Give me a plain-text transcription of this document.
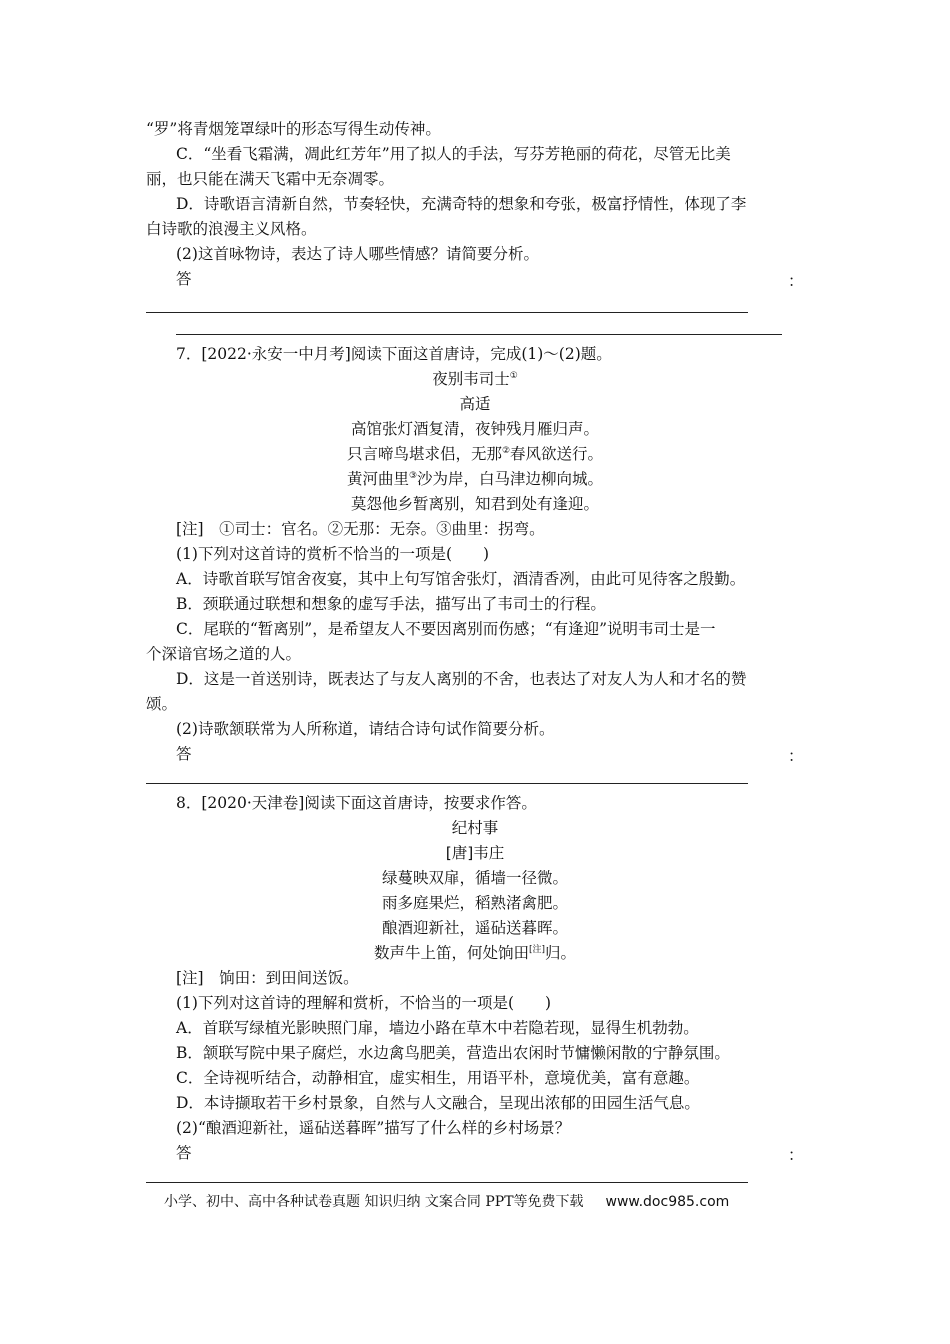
“罗”将青烟笼罩绿叶的形态写得生动传神。
C．“坐看飞霜满，凋此红芳年”用了拟人的手法，写芬芳艳丽的荷花，尽管无比美
丽，也只能在满天飞霜中无奈凋零。
D．诗歌语言清新自然，节奏轻快，充满奇特的想象和夸张，极富抒情性，体现了李
白诗歌的浪漫主义风格。
(2)这首咏物诗，表达了诗人哪些情感？请简要分析。
答	：
7．[2022·永安一中月考]阅读下面这首唐诗，完成(1)～(2)题。
夜别韦司士①
高适
高馆张灯酒复清，夜钟残月雁归声。
只言啼鸟堪求侣，无那②春风欲送行。
黄河曲里③沙为岸，白马津边柳向城。
莫怨他乡暂离别，知君到处有逢迎。
[注]　①司士：官名。②无那：无奈。③曲里：拐弯。
(1)下列对这首诗的赏析不恰当的一项是(　　)
A．诗歌首联写馆舍夜宴，其中上句写馆舍张灯，酒清香冽，由此可见待客之殷勤。
B．颈联通过联想和想象的虚写手法，描写出了韦司士的行程。
C．尾联的“暂离别”，是希望友人不要因离别而伤感；“有逢迎”说明韦司士是一
个深谙官场之道的人。
D．这是一首送别诗，既表达了与友人离别的不舍，也表达了对友人为人和才名的赞
颂。
(2)诗歌颔联常为人所称道，请结合诗句试作简要分析。
答	：
8．[2020·天津卷]阅读下面这首唐诗，按要求作答。
纪村事
[唐]韦庄
绿蔓映双扉，循墙一径微。
雨多庭果烂，稻熟渚禽肥。
酿酒迎新社，遥砧送暮晖。
数声牛上笛，何处饷田[注]归。
[注]　饷田：到田间送饭。
(1)下列对这首诗的理解和赏析，不恰当的一项是(　　)
A．首联写绿植光影映照门扉，墙边小路在草木中若隐若现，显得生机勃勃。
B．颔联写院中果子腐烂，水边禽鸟肥美，营造出农闲时节慵懒闲散的宁静氛围。
C．全诗视听结合，动静相宜，虚实相生，用语平朴，意境优美，富有意趣。
D．本诗撷取若干乡村景象，自然与人文融合，呈现出浓郁的田园生活气息。
(2)“酿酒迎新社，遥砧送暮晖”描写了什么样的乡村场景？
答	：
小学、初中、高中各种试卷真题 知识归纳 文案合同 PPT等免费下载 www.doc985.com
